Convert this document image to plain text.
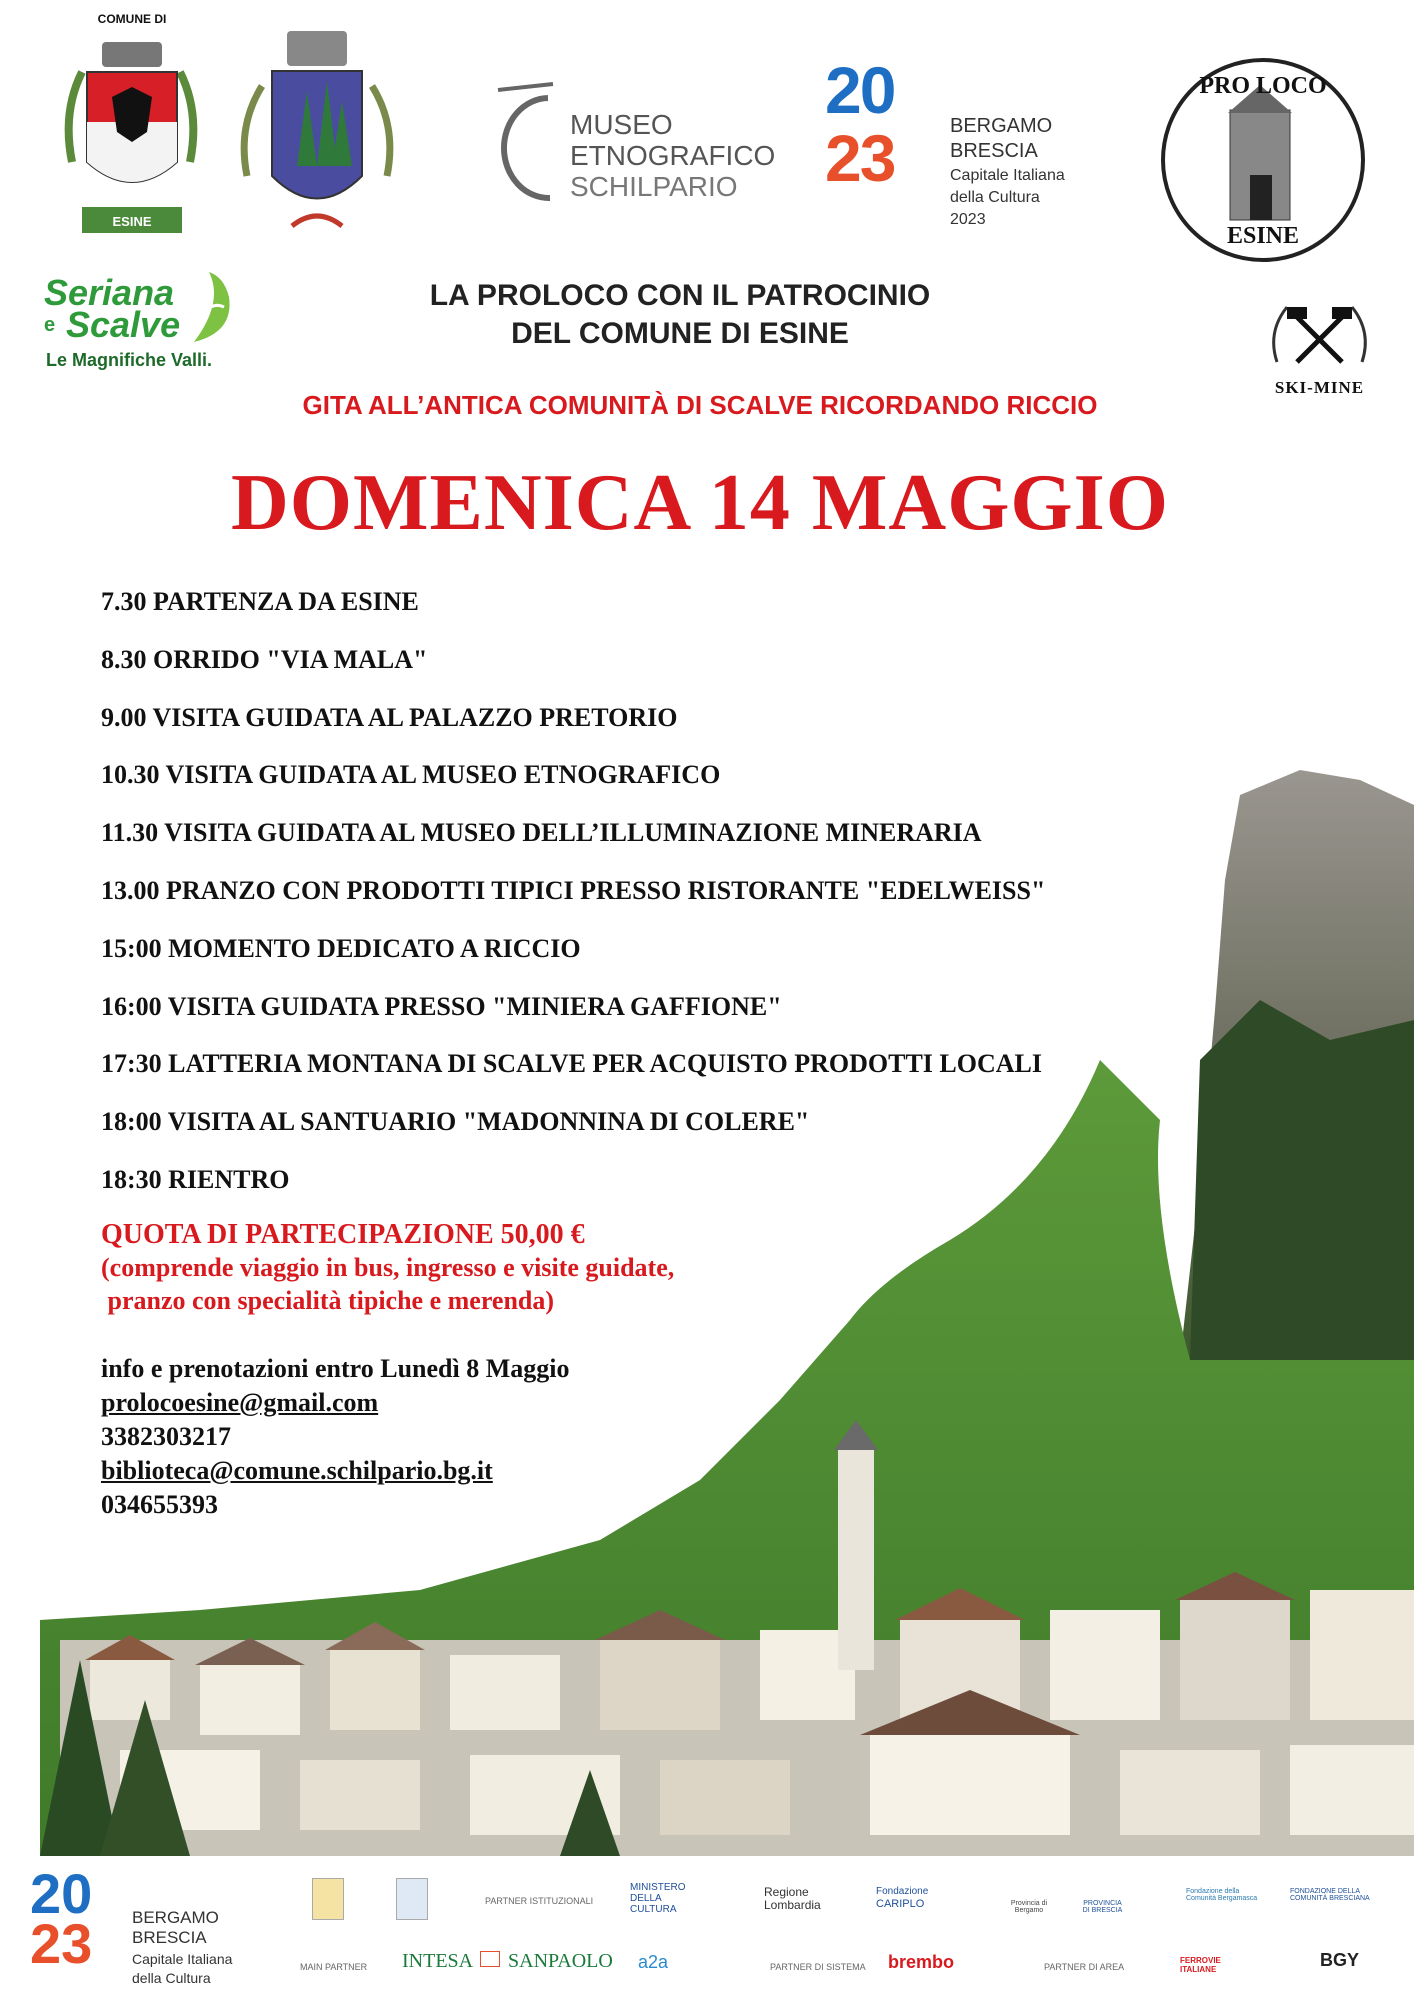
COMUNE DI
ESINE
MUSEO
ETNOGRAFICO
SCHILPARIO
20
23	BERGAMO
BRESCIA
Capitale Italiana
della Cultura
2023
PRO LOCO
ESINE
Seriana
e Scalve
Le Magnifiche Valli.
SKI-MINE
LA PROLOCO CON IL PATROCINIO
DEL COMUNE DI ESINE
GITA ALL’ANTICA COMUNITÀ DI SCALVE RICORDANDO RICCIO
DOMENICA 14 MAGGIO
7.30 PARTENZA DA ESINE
8.30 ORRIDO "VIA MALA"
9.00 VISITA GUIDATA AL PALAZZO PRETORIO
10.30 VISITA GUIDATA AL MUSEO ETNOGRAFICO
11.30 VISITA GUIDATA AL MUSEO DELL’ILLUMINAZIONE MINERARIA
13.00 PRANZO CON PRODOTTI TIPICI PRESSO RISTORANTE "EDELWEISS"
15:00 MOMENTO DEDICATO A RICCIO
16:00 VISITA GUIDATA PRESSO "MINIERA GAFFIONE"
17:30 LATTERIA MONTANA DI SCALVE PER ACQUISTO PRODOTTI LOCALI
18:00 VISITA AL SANTUARIO "MADONNINA DI COLERE"
18:30 RIENTRO
QUOTA DI PARTECIPAZIONE 50,00 €
(comprende viaggio in bus, ingresso e visite guidate,
pranzo con specialità tipiche e merenda)
info e prenotazioni entro Lunedì 8 Maggio
prolocoesine@gmail.com
3382303217
biblioteca@comune.schilpario.bg.it
034655393
20
23 BERGAMO
BRESCIA
Capitale Italiana
della Cultura
PARTNER ISTITUZIONALI
MINISTERO DELLA CULTURA
Regione Lombardia
Fondazione
CARIPLO	Provincia di Bergamo
PROVINCIA DI BRESCIA
Fondazione della Comunità Bergamasca
FONDAZIONE DELLA COMUNITÀ BRESCIANA
MAIN PARTNER INTESA SANPAOLO a2a	PARTNER DI SISTEMA brembo	PARTNER DI AREA
FERROVIE ITALIANE	BGY
